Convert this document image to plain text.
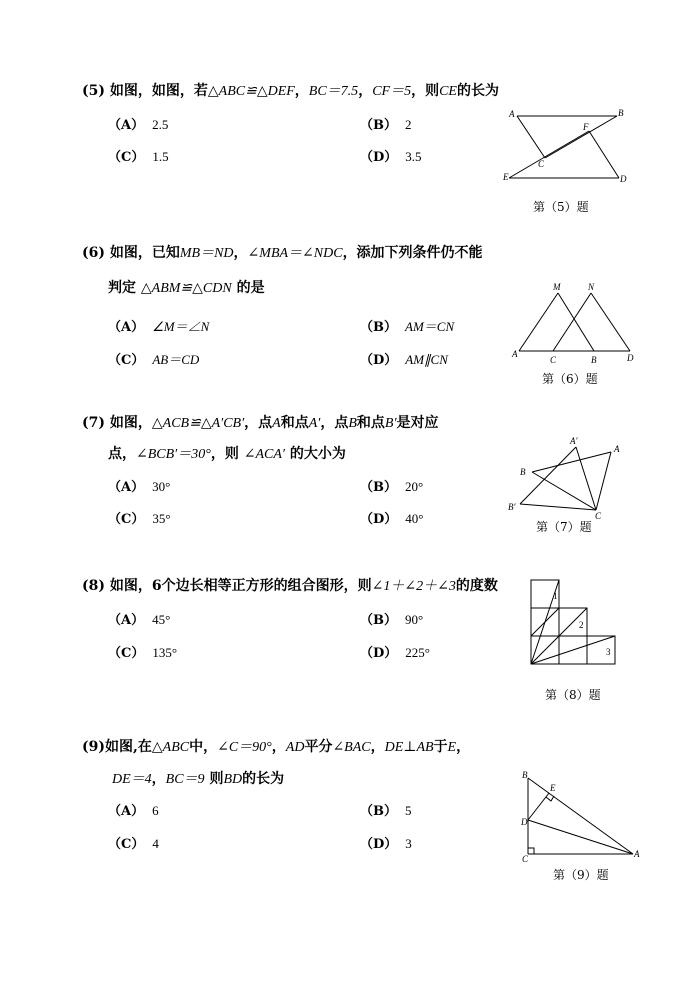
(5) 如图，如图，若△ABC≌△DEF，BC＝7.5，CF＝5，则CE的长为
（A） 2.5	（B） 2
（C） 1.5	（D） 3.5
A	B
E	D
C
F
第（5）题
(6) 如图，已知MB＝ND，∠MBA＝∠NDC，添加下列条件仍不能
判定 △ABM≌△CDN 的是
（A） ∠M＝∠N	（B） AM＝CN
（C） AB＝CD	（D） AM∥CN
M	N
A
C	B	D
第（6）题
(7) 如图，△ACB≌△A′CB′，点A和点A′，点B和点B′是对应
点，∠BCB′＝30°，则 ∠ACA′ 的大小为
（A） 30°	（B） 20°
（C） 35°	（D） 40°
A′
A
B
B′
C
第（7）题
(8) 如图，6个边长相等正方形的组合图形，则∠1＋∠2＋∠3的度数
（A） 45°	（B） 90°
（C） 135°	（D） 225°
1
2
3
第（8）题
(9)如图,在△ABC中，∠C＝90°，AD平分∠BAC，DE⊥AB于E，
DE＝4，BC＝9 则BD的长为
（A） 6	（B） 5
（C） 4	（D） 3
B
E
D
C	A
第（9）题
